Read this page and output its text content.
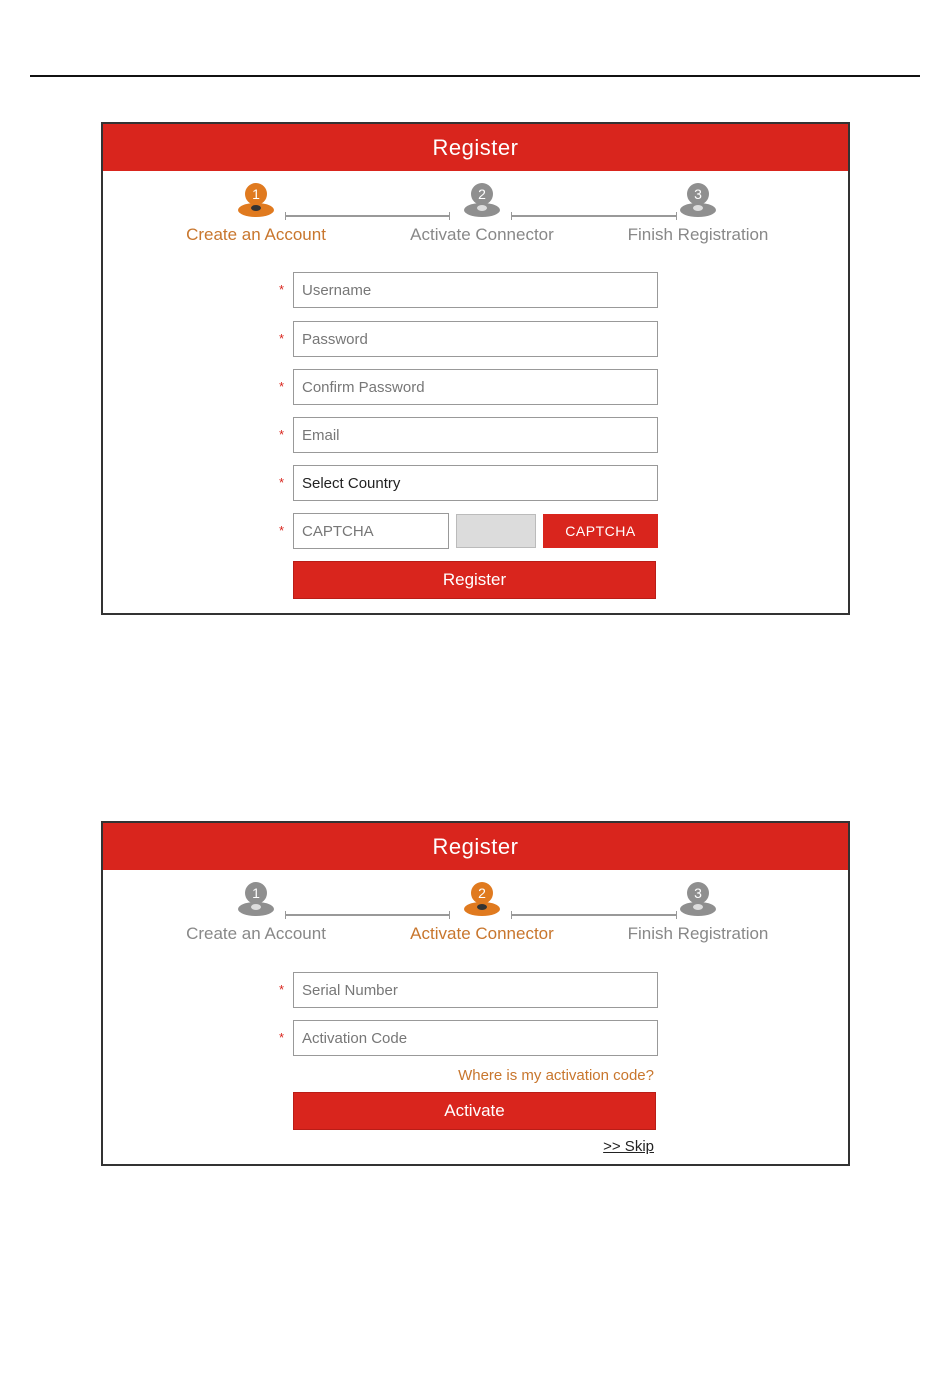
Register
1
Create an Account
2
Activate Connector
3
Finish Registration
*
Username
*
*
*
Email
*	Select Country
*
CAPTCHA	CAPTCHA
Register
Register
1
Create an Account
2
Activate Connector
3
Finish Registration
*
Serial Number
*
Activation Code
Where is my activation code?
Activate
>> Skip
